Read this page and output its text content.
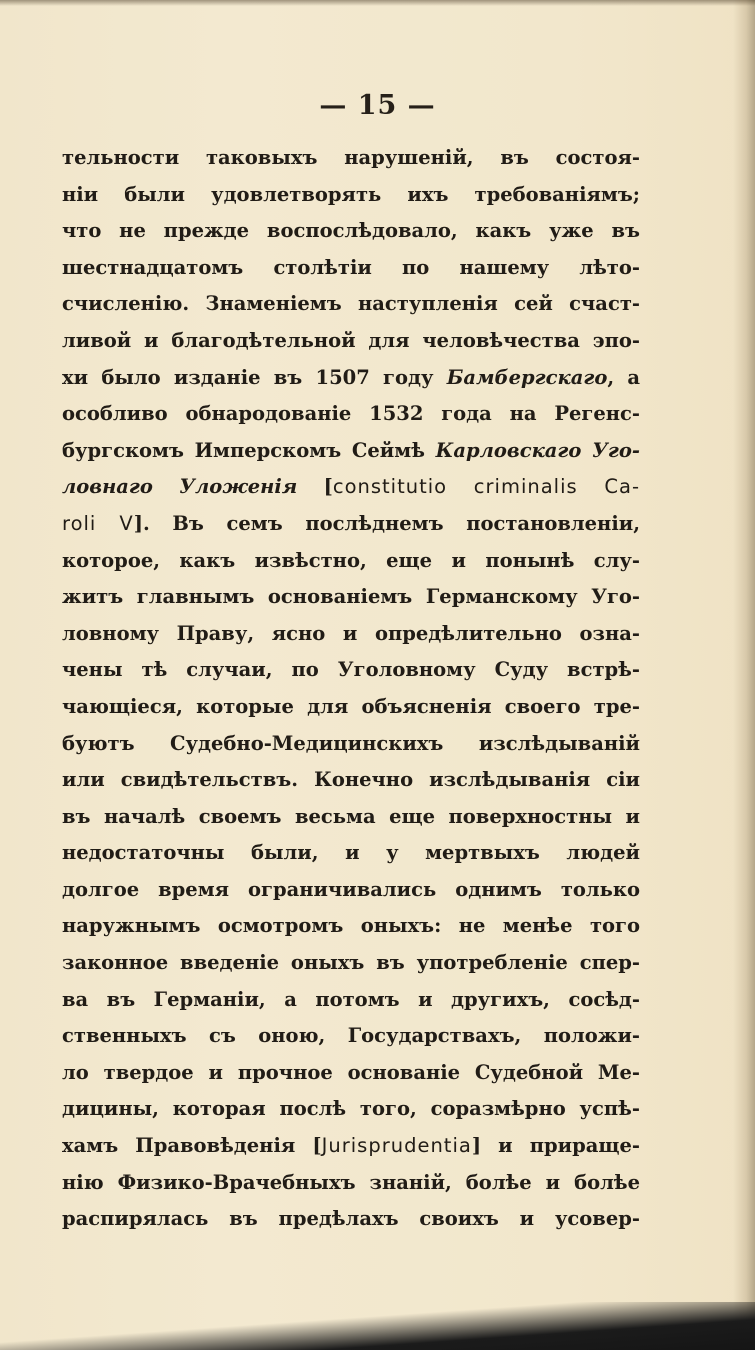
— 15 —
тельности таковыхъ нарушеній, въ состоя-
ніи были удовлетворять ихъ требованіямъ;
что не прежде воспослѣдовало, какъ уже въ
шестнадцатомъ столѣтіи по нашему лѣто-
счисленію. Знаменіемъ наступленія сей счаст-
ливой и благодѣтельной для человѣчества эпо-
хи было изданіе въ 1507 году Бамбергскаго, а
особливо обнародованіе 1532 года на Регенс-
бургскомъ Имперскомъ Сеймѣ Карловскаго Уго-
ловнаго Уложенія [constitutio criminalis Ca-
roli V]. Въ семъ послѣднемъ постановленіи,
которое, какъ извѣстно, еще и понынѣ слу-
житъ главнымъ основаніемъ Германскому Уго-
ловному Праву, ясно и опредѣлительно озна-
чены тѣ случаи, по Уголовному Суду встрѣ-
чающіеся, которые для объясненія своего тре-
буютъ Судебно-Медицинскихъ изслѣдываній
или свидѣтельствъ. Конечно изслѣдыванія сіи
въ началѣ своемъ весьма еще поверхностны и
недостаточны были, и у мертвыхъ людей
долгое время ограничивались однимъ только
наружнымъ осмотромъ оныхъ: не менѣе того
законное введеніе оныхъ въ употребленіе спер-
ва въ Германіи, а потомъ и другихъ, сосѣд-
ственныхъ съ оною, Государствахъ, положи-
ло твердое и прочное основаніе Судебной Ме-
дицины, которая послѣ того, соразмѣрно успѣ-
хамъ Правовѣденія [Jurisprudentia] и приращe-
нію Физико-Врачебныхъ знаній, болѣе и болѣе
распирялась въ предѣлахъ своихъ и усовер-
